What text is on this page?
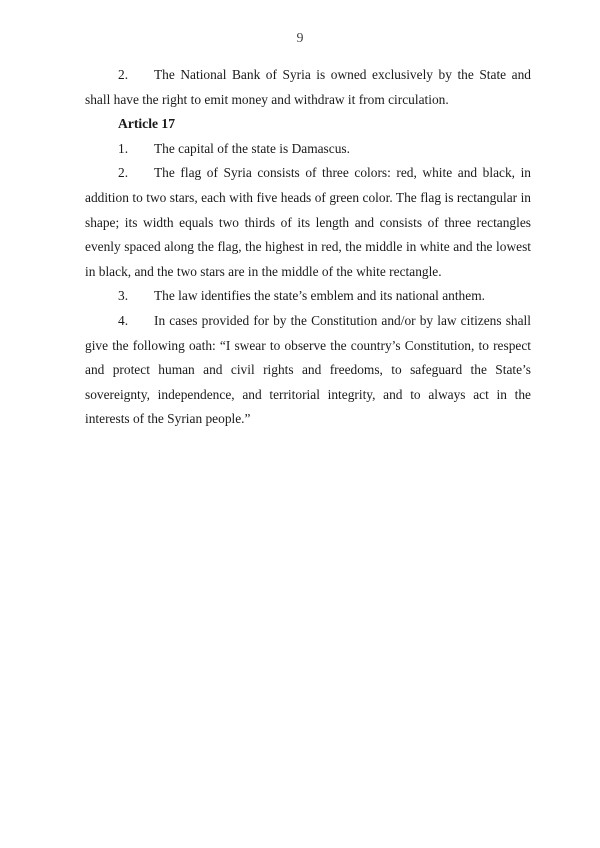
9

2. The National Bank of Syria is owned exclusively by the State and shall have the right to emit money and withdraw it from circulation.

Article 17

1. The capital of the state is Damascus.

2. The flag of Syria consists of three colors: red, white and black, in addition to two stars, each with five heads of green color. The flag is rectangular in shape; its width equals two thirds of its length and consists of three rectangles evenly spaced along the flag, the highest in red, the middle in white and the lowest in black, and the two stars are in the middle of the white rectangle.

3. The law identifies the state’s emblem and its national anthem.

4. In cases provided for by the Constitution and/or by law citizens shall give the following oath: “I swear to observe the country’s Constitution, to respect and protect human and civil rights and freedoms, to safeguard the State’s sovereignty, independence, and territorial integrity, and to always act in the interests of the Syrian people.”
